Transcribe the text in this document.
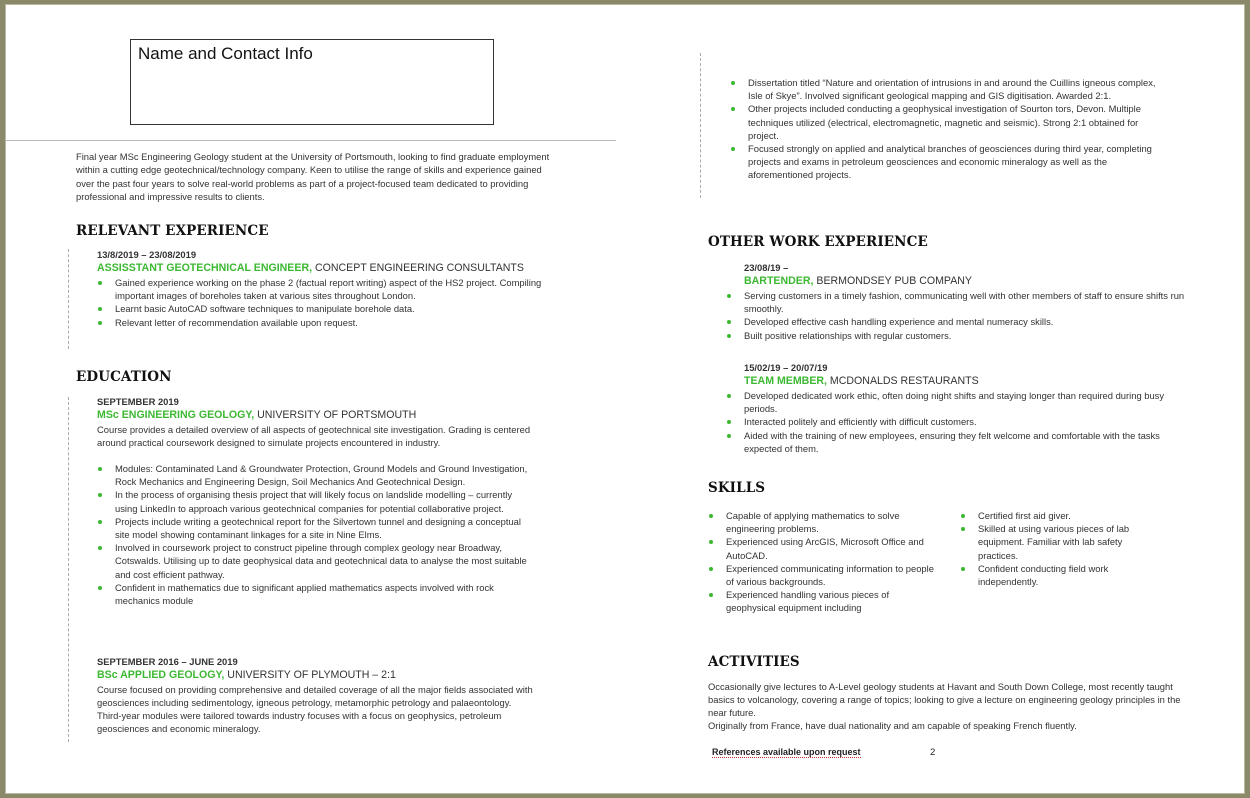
Name and Contact Info
Final year MSc Engineering Geology student at the University of Portsmouth, looking to find graduate employment within a cutting edge geotechnical/technology company. Keen to utilise the range of skills and experience gained over the past four years to solve real-world problems as part of a project-focused team dedicated to providing professional and impressive results to clients.
RELEVANT EXPERIENCE
13/8/2019 – 23/08/2019
ASSISSTANT GEOTECHNICAL ENGINEER, CONCEPT ENGINEERING CONSULTANTS
Gained experience working on the phase 2 (factual report writing) aspect of the HS2 project. Compiling important images of boreholes taken at various sites throughout London.
Learnt basic AutoCAD software techniques to manipulate borehole data.
Relevant letter of recommendation available upon request.
EDUCATION
SEPTEMBER 2019
MSc ENGINEERING GEOLOGY, UNIVERSITY OF PORTSMOUTH
Course provides a detailed overview of all aspects of geotechnical site investigation. Grading is centered around practical coursework designed to simulate projects encountered in industry.
Modules: Contaminated Land & Groundwater Protection, Ground Models and Ground Investigation, Rock Mechanics and Engineering Design, Soil Mechanics And Geotechnical Design.
In the process of organising thesis project that will likely focus on landslide modelling – currently using LinkedIn to approach various geotechnical companies for potential collaborative project.
Projects include writing a geotechnical report for the Silvertown tunnel and designing a conceptual site model showing contaminant linkages for a site in Nine Elms.
Involved in coursework project to construct pipeline through complex geology near Broadway, Cotswalds. Utilising up to date geophysical data and geotechnical data to analyse the most suitable and cost efficient pathway.
Confident in mathematics due to significant applied mathematics aspects involved with rock mechanics module
SEPTEMBER 2016 – JUNE 2019
BSc APPLIED GEOLOGY, UNIVERSITY OF PLYMOUTH – 2:1
Course focused on providing comprehensive and detailed coverage of all the major fields associated with geosciences including sedimentology, igneous petrology, metamorphic petrology and palaeontology. Third-year modules were tailored towards industry focuses with a focus on geophysics, petroleum geosciences and economic mineralogy.
Dissertation titled “Nature and orientation of intrusions in and around the Cuillins igneous complex, Isle of Skye”. Involved significant geological mapping and GIS digitisation. Awarded 2:1.
Other projects included conducting a geophysical investigation of Sourton tors, Devon. Multiple techniques utilized (electrical, electromagnetic, magnetic and seismic). Strong 2:1 obtained for project.
Focused strongly on applied and analytical branches of geosciences during third year, completing projects and exams in petroleum geosciences and economic mineralogy as well as the aforementioned projects.
OTHER WORK EXPERIENCE
23/08/19 –
BARTENDER, BERMONDSEY PUB COMPANY
Serving customers in a timely fashion, communicating well with other members of staff to ensure shifts run smoothly.
Developed effective cash handling experience and mental numeracy skills.
Built positive relationships with regular customers.
15/02/19 – 20/07/19
TEAM MEMBER, MCDONALDS RESTAURANTS
Developed dedicated work ethic, often doing night shifts and staying longer than required during busy periods.
Interacted politely and efficiently with difficult customers.
Aided with the training of new employees, ensuring they felt welcome and comfortable with the tasks expected of them.
SKILLS
Capable of applying mathematics to solve engineering problems.
Experienced using ArcGIS, Microsoft Office and AutoCAD.
Experienced communicating information to people of various backgrounds.
Experienced handling various pieces of geophysical equipment including
Certified first aid giver.
Skilled at using various pieces of lab equipment. Familiar with lab safety practices.
Confident conducting field work independently.
ACTIVITIES
Occasionally give lectures to A-Level geology students at Havant and South Down College, most recently taught basics to volcanology, covering a range of topics; looking to give a lecture on engineering geology principles in the near future.
Originally from France, have dual nationality and am capable of speaking French fluently.
References available upon request	2
